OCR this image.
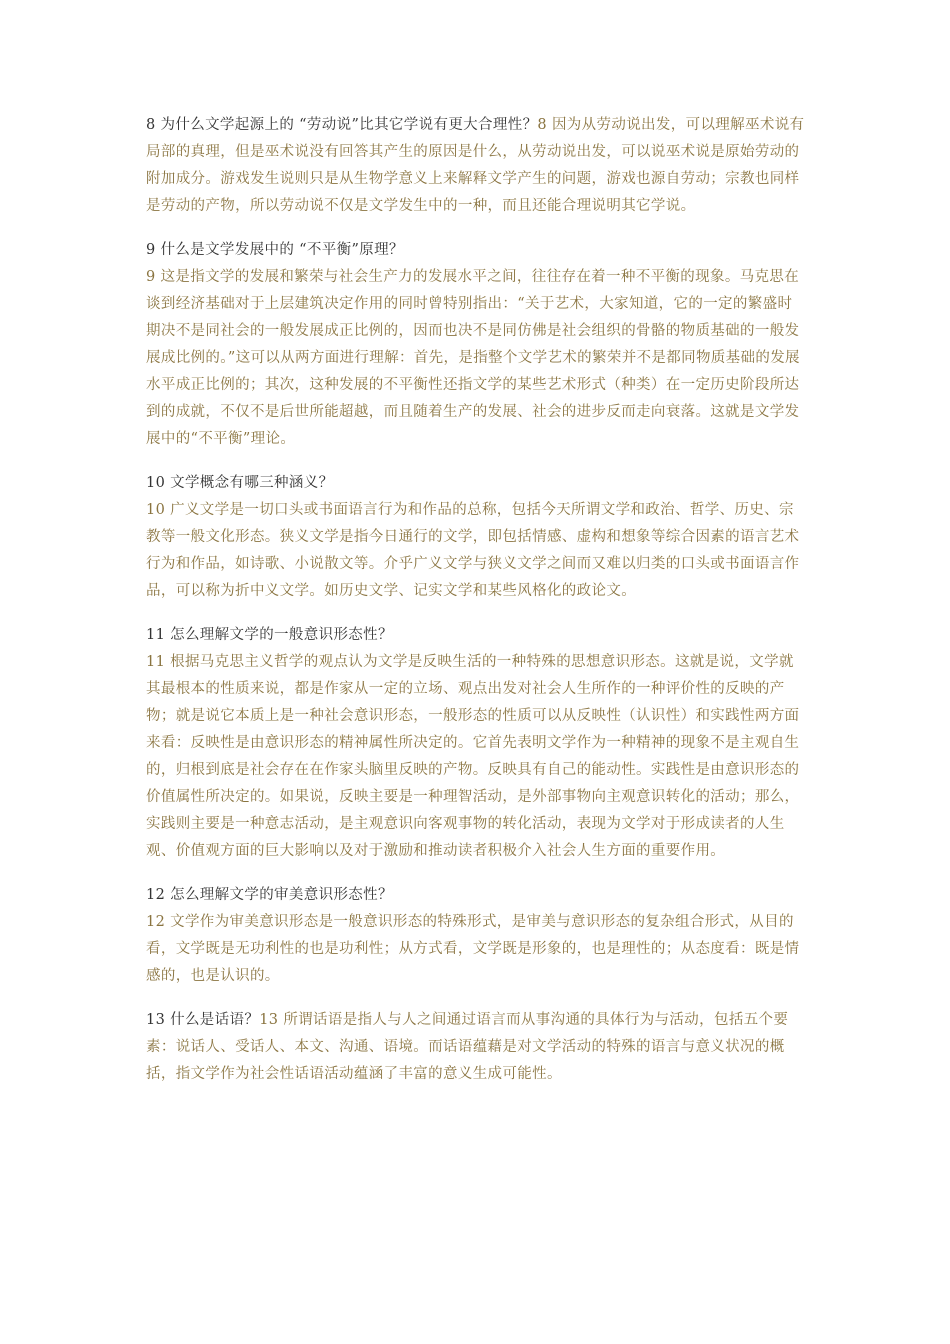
8 为什么文学起源上的 “劳动说”比其它学说有更大合理性？8 因为从劳动说出发，可以理解巫术说有局部的真理，但是巫术说没有回答其产生的原因是什么，从劳动说出发，可以说巫术说是原始劳动的附加成分。游戏发生说则只是从生物学意义上来解释文学产生的问题，游戏也源自劳动；宗教也同样是劳动的产物，所以劳动说不仅是文学发生中的一种，而且还能合理说明其它学说。

9 什么是文学发展中的 “不平衡”原理？

9 这是指文学的发展和繁荣与社会生产力的发展水平之间，往往存在着一种不平衡的现象。马克思在谈到经济基础对于上层建筑决定作用的同时曾特别指出：“关于艺术，大家知道，它的一定的繁盛时期决不是同社会的一般发展成正比例的，因而也决不是同仿佛是社会组织的骨骼的物质基础的一般发展成比例的。”这可以从两方面进行理解：首先，是指整个文学艺术的繁荣并不是都同物质基础的发展水平成正比例的；其次，这种发展的不平衡性还指文学的某些艺术形式（种类）在一定历史阶段所达到的成就，不仅不是后世所能超越，而且随着生产的发展、社会的进步反而走向衰落。这就是文学发展中的“不平衡”理论。

10 文学概念有哪三种涵义？

10 广义文学是一切口头或书面语言行为和作品的总称，包括今天所谓文学和政治、哲学、历史、宗教等一般文化形态。狭义文学是指今日通行的文学，即包括情感、虚构和想象等综合因素的语言艺术行为和作品，如诗歌、小说散文等。介乎广义文学与狭义文学之间而又难以归类的口头或书面语言作品，可以称为折中义文学。如历史文学、记实文学和某些风格化的政论文。

11 怎么理解文学的一般意识形态性？

11 根据马克思主义哲学的观点认为文学是反映生活的一种特殊的思想意识形态。这就是说，文学就其最根本的性质来说，都是作家从一定的立场、观点出发对社会人生所作的一种评价性的反映的产物；就是说它本质上是一种社会意识形态，一般形态的性质可以从反映性（认识性）和实践性两方面来看：反映性是由意识形态的精神属性所决定的。它首先表明文学作为一种精神的现象不是主观自生的，归根到底是社会存在在作家头脑里反映的产物。反映具有自己的能动性。实践性是由意识形态的价值属性所决定的。如果说，反映主要是一种理智活动，是外部事物向主观意识转化的活动；那么，实践则主要是一种意志活动，是主观意识向客观事物的转化活动，表现为文学对于形成读者的人生观、价值观方面的巨大影响以及对于激励和推动读者积极介入社会人生方面的重要作用。

12 怎么理解文学的审美意识形态性？

12 文学作为审美意识形态是一般意识形态的特殊形式，是审美与意识形态的复杂组合形式，从目的看，文学既是无功利性的也是功利性；从方式看，文学既是形象的，也是理性的；从态度看：既是情感的，也是认识的。

13 什么是话语？13 所谓话语是指人与人之间通过语言而从事沟通的具体行为与活动，包括五个要素：说话人、受话人、本文、沟通、语境。而话语蕴藉是对文学活动的特殊的语言与意义状况的概括，指文学作为社会性话语活动蕴涵了丰富的意义生成可能性。
